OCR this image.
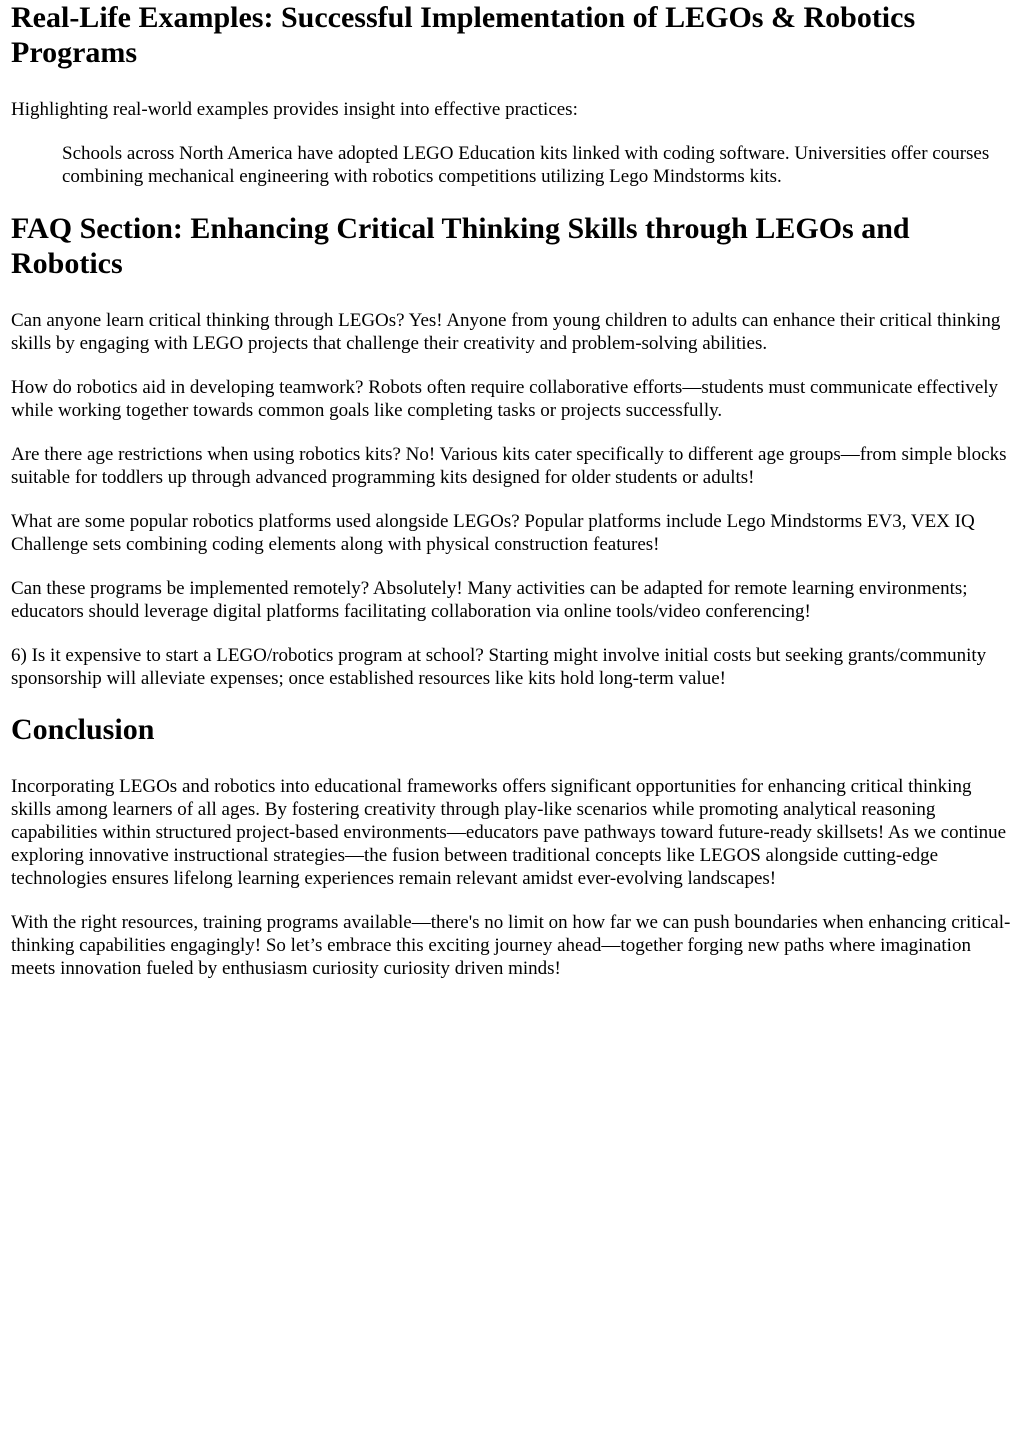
Real-Life Examples: Successful Implementation of LEGOs & Robotics Programs

Highlighting real-world examples provides insight into effective practices:

Schools across North America have adopted LEGO Education kits linked with coding software. Universities offer courses combining mechanical engineering with robotics competitions utilizing Lego Mindstorms kits.
FAQ Section: Enhancing Critical Thinking Skills through LEGOs and Robotics

Can anyone learn critical thinking through LEGOs? Yes! Anyone from young children to adults can enhance their critical thinking skills by engaging with LEGO projects that challenge their creativity and problem-solving abilities.

How do robotics aid in developing teamwork? Robots often require collaborative efforts—students must communicate effectively while working together towards common goals like completing tasks or projects successfully.

Are there age restrictions when using robotics kits? No! Various kits cater specifically to different age groups—from simple blocks suitable for toddlers up through advanced programming kits designed for older students or adults!

What are some popular robotics platforms used alongside LEGOs? Popular platforms include Lego Mindstorms EV3, VEX IQ Challenge sets combining coding elements along with physical construction features!

Can these programs be implemented remotely? Absolutely! Many activities can be adapted for remote learning environments; educators should leverage digital platforms facilitating collaboration via online tools/video conferencing!

6) Is it expensive to start a LEGO/robotics program at school? Starting might involve initial costs but seeking grants/community sponsorship will alleviate expenses; once established resources like kits hold long-term value!

Conclusion

Incorporating LEGOs and robotics into educational frameworks offers significant opportunities for enhancing critical thinking skills among learners of all ages. By fostering creativity through play-like scenarios while promoting analytical reasoning capabilities within structured project-based environments—educators pave pathways toward future-ready skillsets! As we continue exploring innovative instructional strategies—the fusion between traditional concepts like LEGOS alongside cutting-edge technologies ensures lifelong learning experiences remain relevant amidst ever-evolving landscapes!

With the right resources, training programs available—there's no limit on how far we can push boundaries when enhancing critical-thinking capabilities engagingly! So let’s embrace this exciting journey ahead—together forging new paths where imagination meets innovation fueled by enthusiasm curiosity curiosity driven minds!
